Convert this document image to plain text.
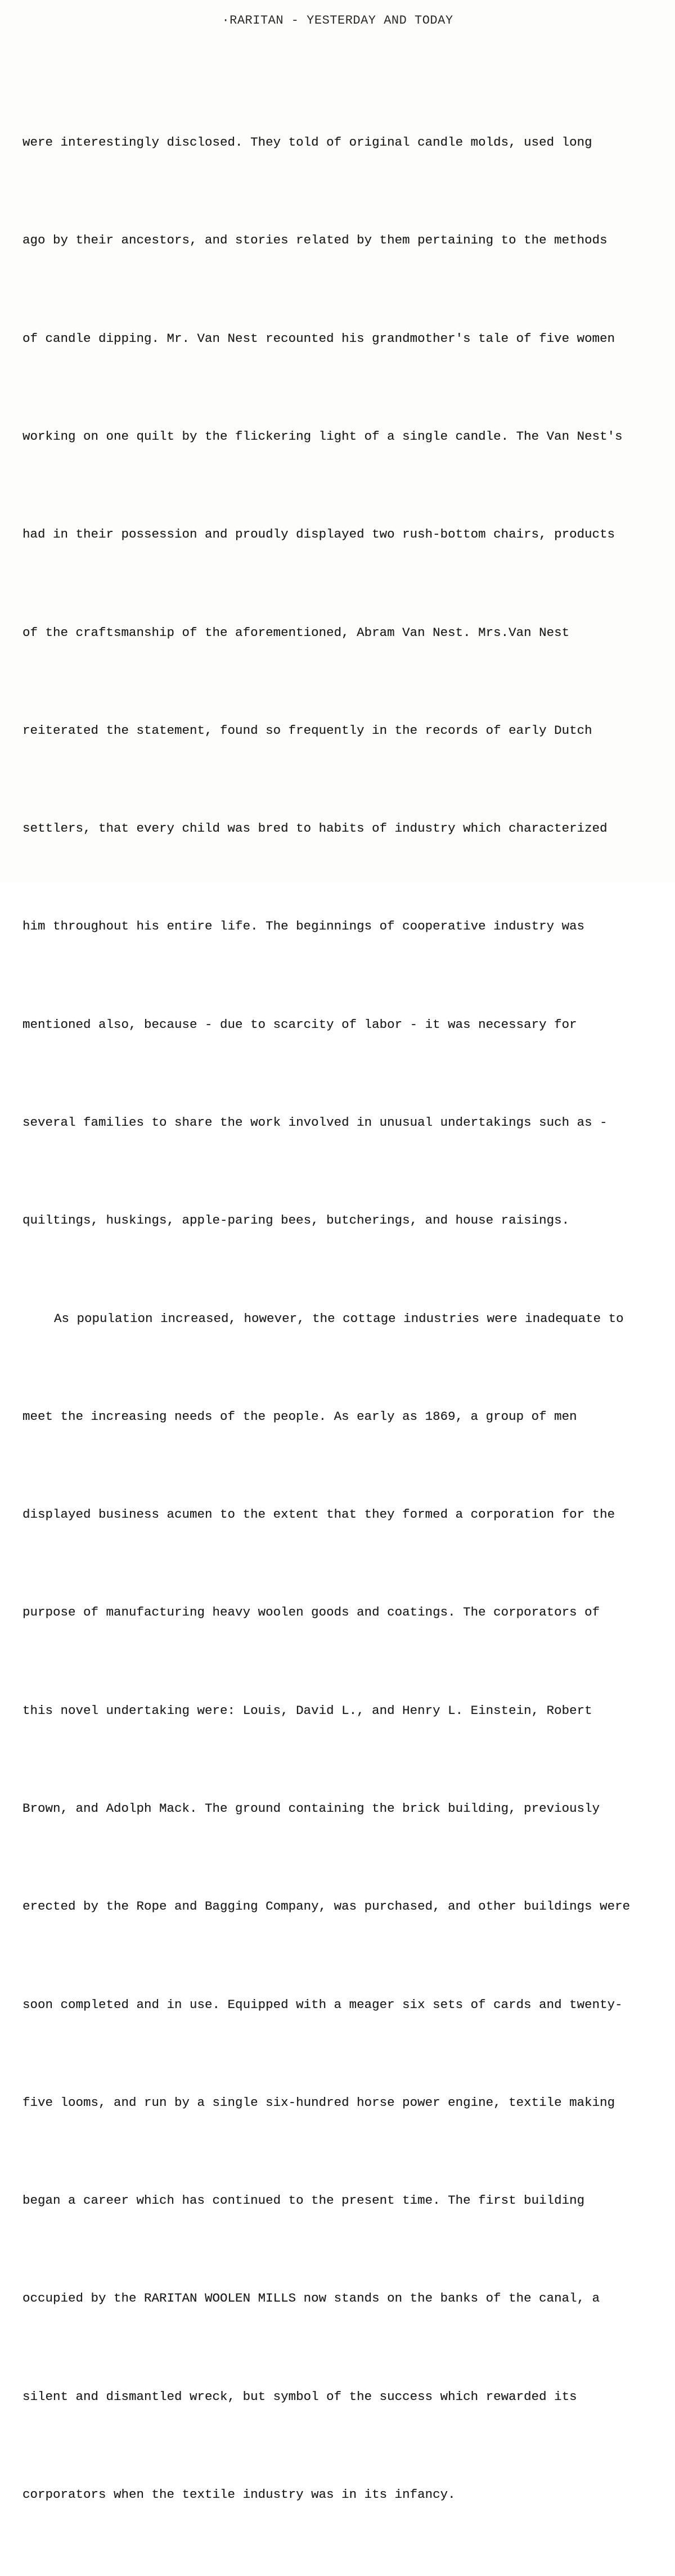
·RARITAN - YESTERDAY AND TODAY

were interestingly disclosed. They told of original candle molds, used long

ago by their ancestors, and stories related by them pertaining to the methods

of candle dipping. Mr. Van Nest recounted his grandmother's tale of five women

working on one quilt by the flickering light of a single candle. The Van Nest's

had in their possession and proudly displayed two rush-bottom chairs, products

of the craftsmanship of the aforementioned, Abram Van Nest. Mrs.Van Nest

reiterated the statement, found so frequently in the records of early Dutch

settlers, that every child was bred to habits of industry which characterized

him throughout his entire life. The beginnings of cooperative industry was

mentioned also, because - due to scarcity of labor - it was necessary for

several families to share the work involved in unusual undertakings such as -

quiltings, huskings, apple-paring bees, butcherings, and house raisings.

As population increased, however, the cottage industries were inadequate to

meet the increasing needs of the people. As early as 1869, a group of men

displayed business acumen to the extent that they formed a corporation for the

purpose of manufacturing heavy woolen goods and coatings. The corporators of

this novel undertaking were: Louis, David L., and Henry L. Einstein, Robert

Brown, and Adolph Mack. The ground containing the brick building, previously

erected by the Rope and Bagging Company, was purchased, and other buildings were

soon completed and in use. Equipped with a meager six sets of cards and twenty-

five looms, and run by a single six-hundred horse power engine, textile making

began a career which has continued to the present time. The first building

occupied by the RARITAN WOOLEN MILLS now stands on the banks of the canal, a

silent and dismantled wreck, but symbol of the success which rewarded its

corporators when the textile industry was in its infancy.
